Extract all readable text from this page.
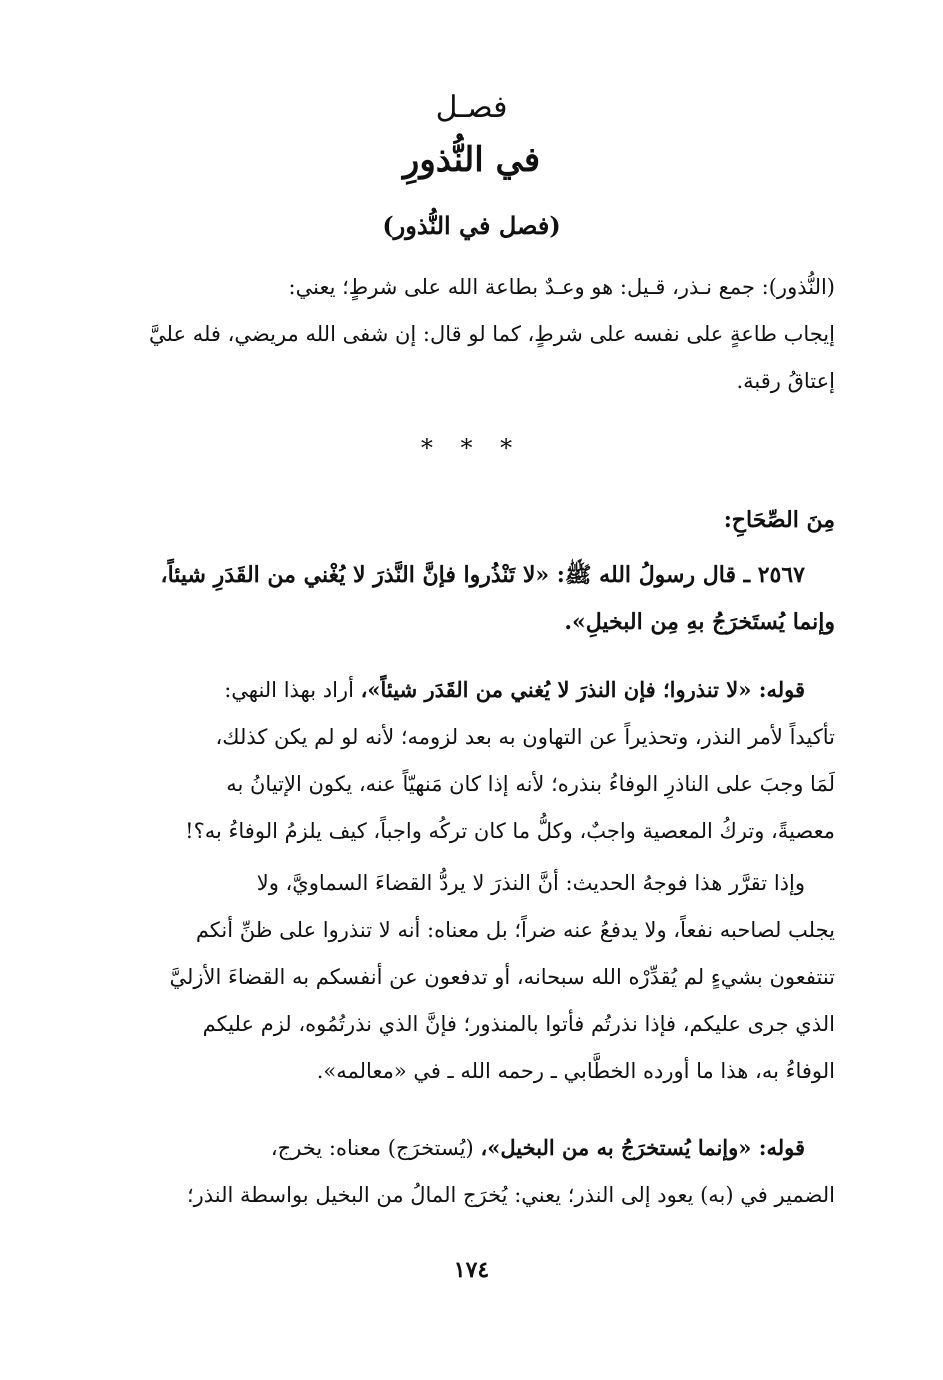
فصـل
في النُّذورِ
(فصل في النُّذور)
(النُّذور): جمع نـذر، قـيل: هو وعـدٌ بطاعة الله على شرطٍ؛ يعني:
إيجاب طاعةٍ على نفسه على شرطٍ، كما لو قال: إن شفى الله مريضي، فله عليَّ
إعتاقُ رقبة.
* * *
مِنَ الصِّحَاحِ:
٢٥٦٧ ـ قال رسولُ الله ﷺ: «لا تَنْذُروا فإنَّ النَّذرَ لا يُغْني من القَدَرِ شيئاً،
وإنما يُستَخرَجُ بهِ مِن البخيلِ».
قوله: «لا تنذروا؛ فإن النذرَ لا يُغني من القَدَر شيئاً»، أراد بهذا النهي:
تأكيداً لأمر النذر، وتحذيراً عن التهاون به بعد لزومه؛ لأنه لو لم يكن كذلك،
لَمَا وجبَ على الناذرِ الوفاءُ بنذره؛ لأنه إذا كان مَنهيّاً عنه، يكون الإتيانُ به
معصيةً، وتركُ المعصية واجبٌ، وكلُّ ما كان تركُه واجباً، كيف يلزمُ الوفاءُ به؟!
وإذا تقرَّر هذا فوجهُ الحديث: أنَّ النذرَ لا يردُّ القضاءَ السماويَّ، ولا
يجلب لصاحبه نفعاً، ولا يدفعُ عنه ضراً؛ بل معناه: أنه لا تنذروا على ظنِّ أنكم
تنتفعون بشيءٍ لم يُقدِّرْه الله سبحانه، أو تدفعون عن أنفسكم به القضاءَ الأزليَّ
الذي جرى عليكم، فإذا نذرتُم فأتوا بالمنذور؛ فإنَّ الذي نذرتُمُوه، لزم عليكم
الوفاءُ به، هذا ما أورده الخطَّابي ـ رحمه الله ـ في «معالمه».
قوله: «وإنما يُستخرَجُ به من البخيل»، (يُستخرَج) معناه: يخرج،
الضمير في (به) يعود إلى النذر؛ يعني: يُخرَج المالُ من البخيل بواسطة النذر؛
١٧٤
